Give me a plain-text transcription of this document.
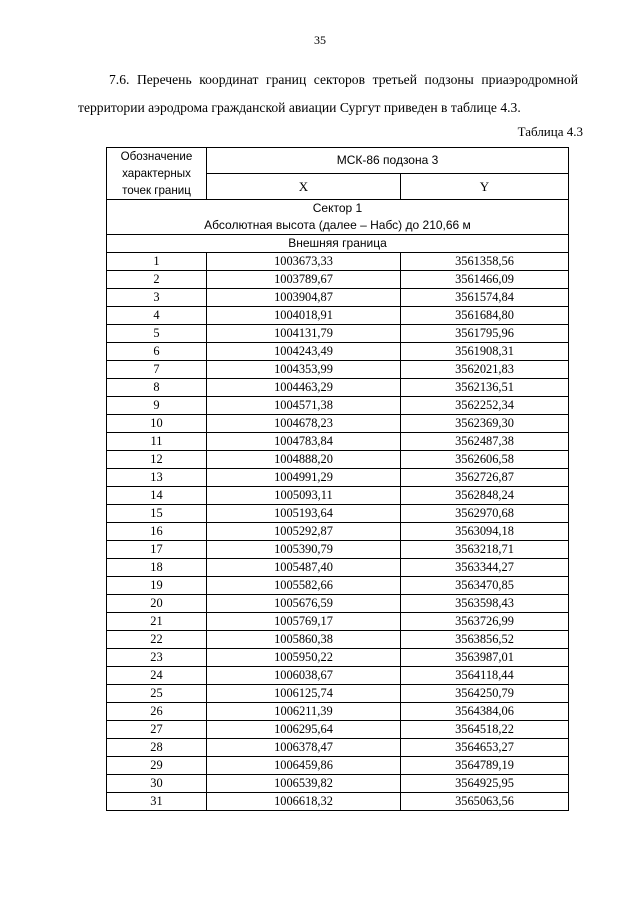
35

7.6. Перечень координат границ секторов третьей подзоны приаэродромной территории аэродрома гражданской авиации Сургут приведен в таблице 4.3.

Таблица 4.3
Обозначение
характерных
точек границ	МСК-86 подзона 3	
	X	Y

Сектор 1
Абсолютная высота (далее – Набс) до 210,66 м		

Внешняя граница		
1	1003673,33	3561358,56
2	1003789,67	3561466,09
3	1003904,87	3561574,84
4	1004018,91	3561684,80
5	1004131,79	3561795,96
6	1004243,49	3561908,31
7	1004353,99	3562021,83
8	1004463,29	3562136,51
9	1004571,38	3562252,34
10	1004678,23	3562369,30
11	1004783,84	3562487,38
12	1004888,20	3562606,58
13	1004991,29	3562726,87
14	1005093,11	3562848,24
15	1005193,64	3562970,68
16	1005292,87	3563094,18
17	1005390,79	3563218,71
18	1005487,40	3563344,27
19	1005582,66	3563470,85
20	1005676,59	3563598,43
21	1005769,17	3563726,99
22	1005860,38	3563856,52
23	1005950,22	3563987,01
24	1006038,67	3564118,44
25	1006125,74	3564250,79
26	1006211,39	3564384,06
27	1006295,64	3564518,22
28	1006378,47	3564653,27
29	1006459,86	3564789,19
30	1006539,82	3564925,95
31	1006618,32	3565063,56
